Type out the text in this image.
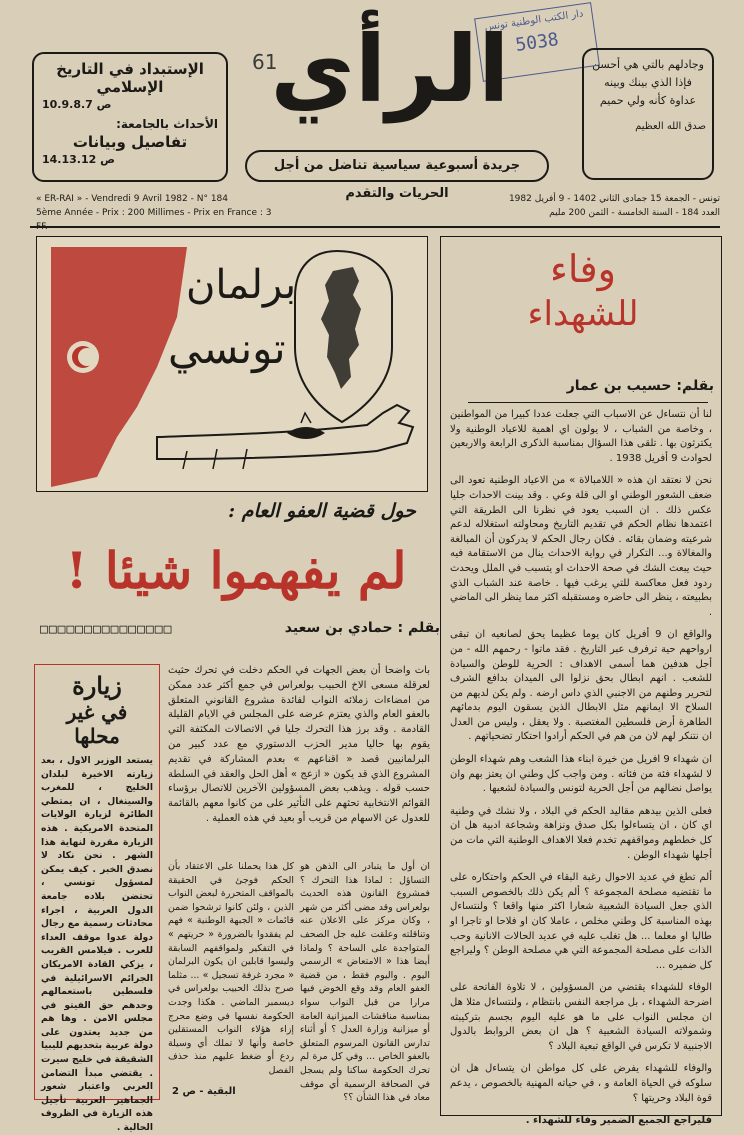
دار الكتب الوطنية تونس
5038
61
الرأي
جريدة أسبوعية سياسية تناضل من أجل الحريات والتقدم
الإستبداد في التاريخ الإسلامي
ص 10.9.8.7
الأحداث بالجامعة:
تفاصيل وبيانات
ص 14.13.12
وجادلهم بالتي هي أحسن فإذا الذي بينك وبينه عداوة كأنه ولي حميم
صدق الله العظيم
« ER-RAI » - Vendredi 9 Avril 1982 - N° 184
5ème Année - Prix : 200 Millimes - Prix en France : 3
تونس - الجمعة 15 جمادى الثاني 1402 - 9 أفريل 1982
العدد 184 - السنة الخامسة - الثمن 200 مليم
برلمان
تونسي
وفاء
للشهداء
بقلم: حسيب بن عمار

لنا أن نتساءل عن الاسباب التي جعلت عددا كبيرا من المواطنين ، وخاصة من الشباب ، لا يولون اي اهمية للاعياد الوطنية ولا يكترثون بها . تلقى هذا السؤال بمناسبة الذكرى الرابعة والاربعين لحوادث 9 أفريل 1938 .

نحن لا نعتقد ان هذه « اللامبالاة » من الاعياد الوطنية تعود الى ضعف الشعور الوطني او الى قلة وعي . وقد بينت الاحداث جليا عكس ذلك . ان السبب يعود في نظرنا الى الطريقة التي اعتمدها نظام الحكم في تقديم التاريخ ومحاولته استغلاله لدعم شرعيته وضمان بقائه . فكان رجال الحكم لا يدركون أن المبالغة والمغالاة و... التكرار في رواية الاحداث ينال من الاستقامة فيه حيث يبعث الشك في صحة الاحداث او يتسبب في الملل ويحدث ردود فعل معاكسة للتي يرغب فيها . خاصة عند الشباب الذي بطبيعته ، ينظر الى حاضره ومستقبله اكثر مما ينظر الى الماضي .

والواقع ان 9 أفريل كان يوما عظيما يحق لصانعيه ان تبقى ارواحهم حية ترفرف عبر التاريخ . فقد ماتوا - رحمهم الله - من أجل هدفين هما أسمى الاهداف : الحرية للوطن والسيادة للشعب . انهم ابطال بحق نزلوا الى الميدان بدافع الشرف لتحرير وطنهم من الاجنبي الذي داس ارضه . ولم يكن لديهم من السلاح الا ايمانهم مثل الابطال الذين يسقون اليوم بدمائهم الطاهرة أرض فلسطين المغتصبة . ولا يعقل ، وليس من العدل ان نتنكر لهم لان من هم في الحكم أرادوا احتكار تضحياتهم .

ان شهداء 9 افريل من خيرة ابناء هذا الشعب وهم شهداء الوطن لا لشهداء فئة من فئاته . ومن واجب كل وطني ان يعتز بهم وان يواصل نضالهم من أجل الحرية لتونس والسيادة لشعبها .

فعلى الذين بيدهم مقاليد الحكم في البلاد ، ولا نشك في وطنية اي كان ، ان يتساءلوا بكل صدق ونزاهة وشجاعة ادبية هل ان كل خططهم ومواقفهم تخدم فعلا الاهداف الوطنية التي مات من أجلها شهداء الوطن .

ألم تطغ في عديد الاحوال رغبة البقاء في الحكم واحتكاره على ما تقتضيه مصلحة المجموعة ؟ ألم يكن ذلك بالخصوص السبب الذي جعل السيادة الشعبية شعارا اكثر منها واقعا ؟ ولنتساءل بهذه المناسبة كل وطني مخلص ، عاملا كان او فلاحا او تاجرا او طالبا او معلما ... هل تغلب عليه في عديد الحالات الانانية وحب الذات على مصلحة المجموعة التي هي مصلحة الوطن ؟ وليراجع كل ضميره ...

الوفاء للشهداء يقتضي من المسؤولين ، لا تلاوة الفاتحة على اضرحة الشهداء ، بل مراجعة النفس بانتظام ، ولنتساءل مثلا هل ان مجلس النواب على ما هو عليه اليوم بجسم بتركيبته وشمولاته السيادة الشعبية ؟ هل ان بعض الروابط بالدول الاجنبية لا تكرس في الواقع تبعية البلاد ؟

والوفاء للشهداء يفرض على كل مواطن ان يتساءل هل ان سلوكه في الحياة العامة و ، في حياته المهنية بالخصوص ، يدعم قوة البلاد وحريتها ؟

فليراجع الجميع الضمير وفاء للشهداء .

حول قضية العفو العام :
لم يفهموا شيئا !
بقلم : حمادي بن سعيد
□□□□□□□□□□□□□□□
بات واضحا أن بعض الجهات في الحكم دخلت في تحرك حثيث لعرقلة مسعى الاخ الحبيب بولعراس في جمع أكثر عدد ممكن من امضاءات زملائه النواب لفائدة مشروع القانوني المتعلق بالعفو العام والذي يعتزم عرضه على المجلس في الايام القليلة القادمة . وقد برز هذا التحرك جليا في الاتصالات المكثفة التي يقوم بها حاليا مدير الحزب الدستوري مع عدد كبير من البرلمانيين قصد « اقناعهم » بعدم المشاركة في تقديم المشروع الذي قد يكون « ازعج » أهل الحل والعقد في السلطة حسب قوله . ويذهب بعض المسؤولين الآخرين للاتصال برؤساء القوائم الانتخابية تحثهم على التأثير على من كانوا معهم بالقائمة للعدول عن الاسهام من قريب أو بعيد في هذه العملية .
ان أول ما يتبادر الى الذهن هو التساؤل : لماذا هذا التحرك ؟ فمشروع القانون هذه الحديث بولعراس وقد مضى أكثر من شهر ، وكان مركز على الاعلان عنه وتناقلته وعلقت عليه جل الصحف المتواجدة على الساحة ؟ ولماذا أيضا هذا « الامتعاض » الرسمي اليوم . واليوم فقط ، من قضية العفو العام وقد وقع الخوض فيها مرارا من قبل النواب سواء بمناسبة مناقشات الميزانية العامة أو ميزانية وزارة العدل ؟ أو أثناء تدارس القانون المرسوم المتعلق بالعفو الخاص ... وفي كل مرة لم تحرك الحكومة ساكنا ولم يسجل في الصحافة الرسمية أي موقف معاد في هذا الشأن ؟؟
كل هذا يحملنا على الاعتقاد بأن الحكم فوجئ في الحقيقة بالمواقف المتحررة لبعض النواب الذين ، ولئن كانوا ترشحوا ضمن قائمات « الجبهة الوطنية » فهم لم يفقدوا بالضرورة « حريتهم » في التفكير ولمواقفهم السابقة وليسوا قابلين ان يكون البرلمان « مجرد غرفة تسجيل » ... مثلما صرح بذلك الحبيب بولعراس في ديسمبر الماضي . هكذا وجدت الحكومة نفسها في وضع محرج إزاء هؤلاء النواب المستقلين خاصة وأنها لا تملك أي وسيلة ردع أو ضغط عليهم منذ حذف الفصل
البقية - ص 2
زيارة
في غير محلها
يستعد الوزير الاول ، بعد زيارته الاخيرة لبلدان الخليج ، للمغرب والسينغال ، ان يمتطي الطائرة لزيارة الولايات المتحدة الامريكية . هذه الزيارة مقررة لنهاية هذا الشهر . نحن نكاد لا نصدق الخبر . كيف يمكن لمسؤول تونسي ، تحتضن بلاده جامعة الدول العربية ، اجراء محادثات رسمية مع رجال دولة عدوا موقف العداء للعرب . فيلامس القريب ، يزكي القادة الامريكان الجرائم الاسرائيلية في فلسطين باستعمالهم وحدهم حق الفيتو في مجلس الامن . وها هم من جديد يعتدون على دولة عربية بتحديهم لليبيا الشقيقة في خليج سيرت . يقتضي مبدأ التضامن العربي واعتبار شعور الجماهير العربية تأجيل هذه الزيارة في الظروف الحالية .
